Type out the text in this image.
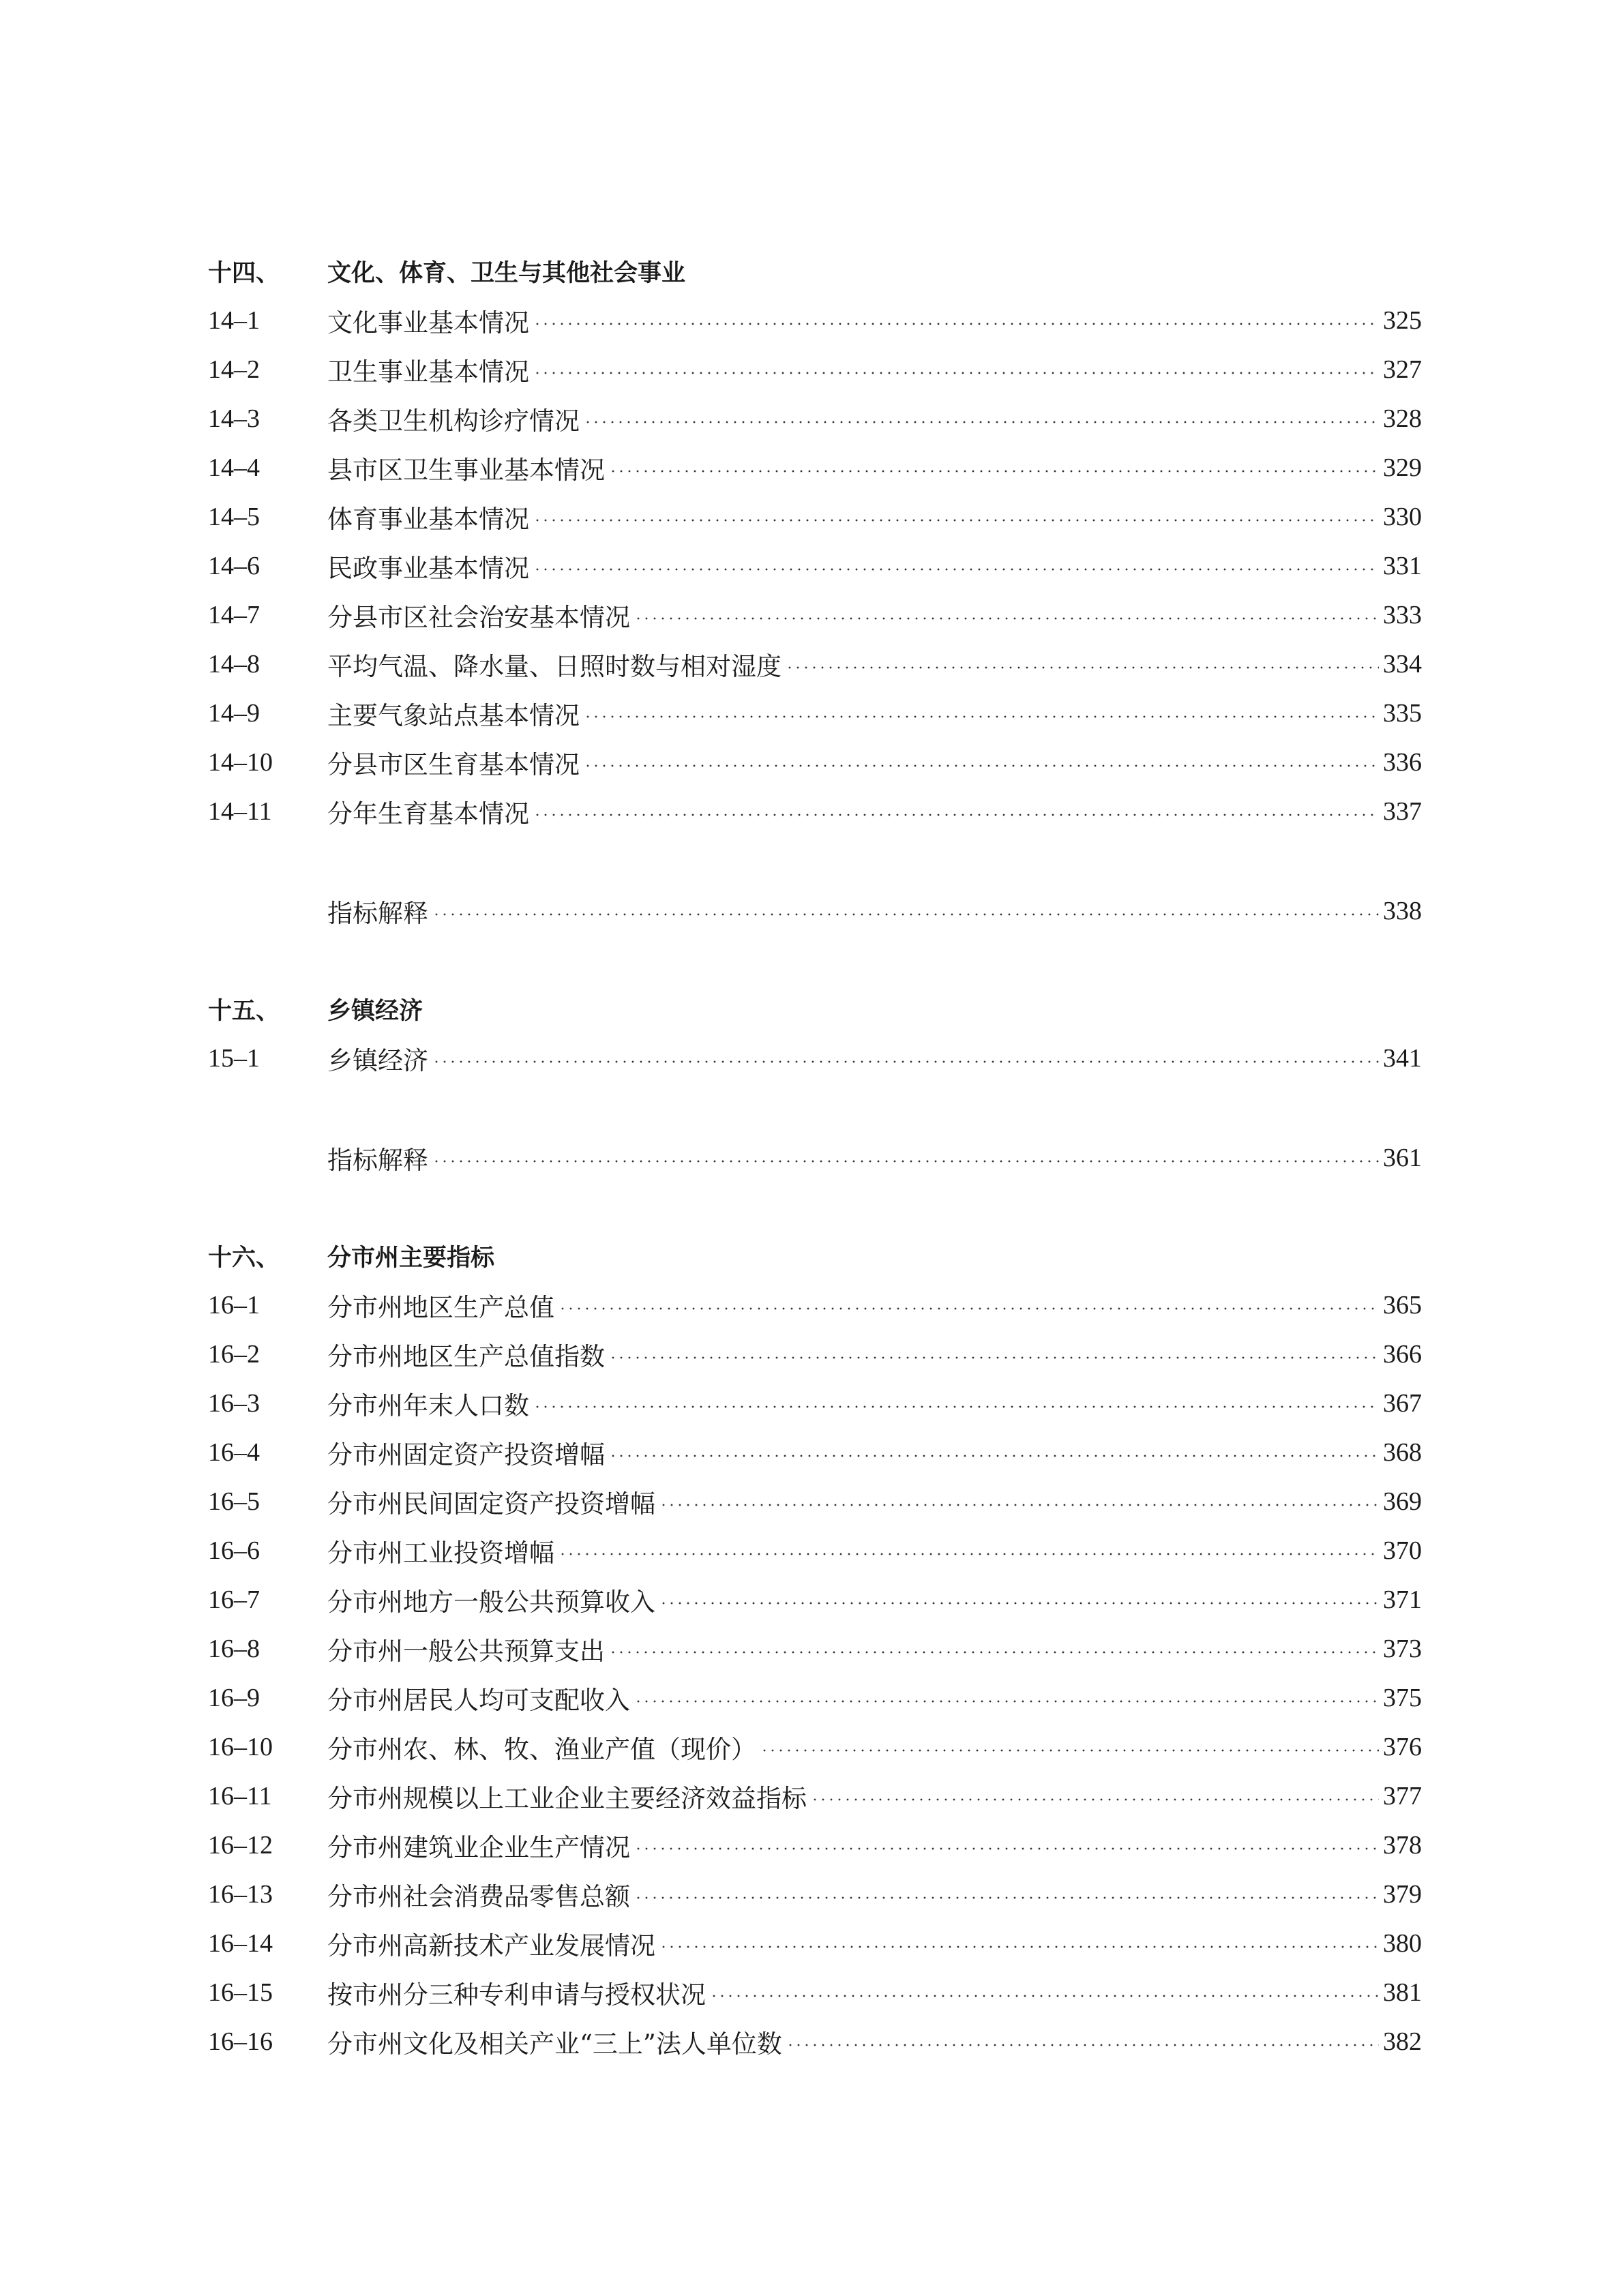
十四、	文化、体育、卫生与其他社会事业
14–1	文化事业基本情况	325
14–2	卫生事业基本情况	327
14–3	各类卫生机构诊疗情况	328
14–4	县市区卫生事业基本情况	329
14–5	体育事业基本情况	330
14–6	民政事业基本情况	331
14–7	分县市区社会治安基本情况	333
14–8	平均气温、降水量、日照时数与相对湿度	334
14–9	主要气象站点基本情况	335
14–10	分县市区生育基本情况	336
14–11	分年生育基本情况	337
指标解释	338
十五、	乡镇经济
15–1	乡镇经济	341
指标解释	361
十六、	分市州主要指标
16–1	分市州地区生产总值	365
16–2	分市州地区生产总值指数	366
16–3	分市州年末人口数	367
16–4	分市州固定资产投资增幅	368
16–5	分市州民间固定资产投资增幅	369
16–6	分市州工业投资增幅	370
16–7	分市州地方一般公共预算收入	371
16–8	分市州一般公共预算支出	373
16–9	分市州居民人均可支配收入	375
16–10	分市州农、林、牧、渔业产值（现价）	376
16–11	分市州规模以上工业企业主要经济效益指标	377
16–12	分市州建筑业企业生产情况	378
16–13	分市州社会消费品零售总额	379
16–14	分市州高新技术产业发展情况	380
16–15	按市州分三种专利申请与授权状况	381
16–16	分市州文化及相关产业“三上”法人单位数	382
